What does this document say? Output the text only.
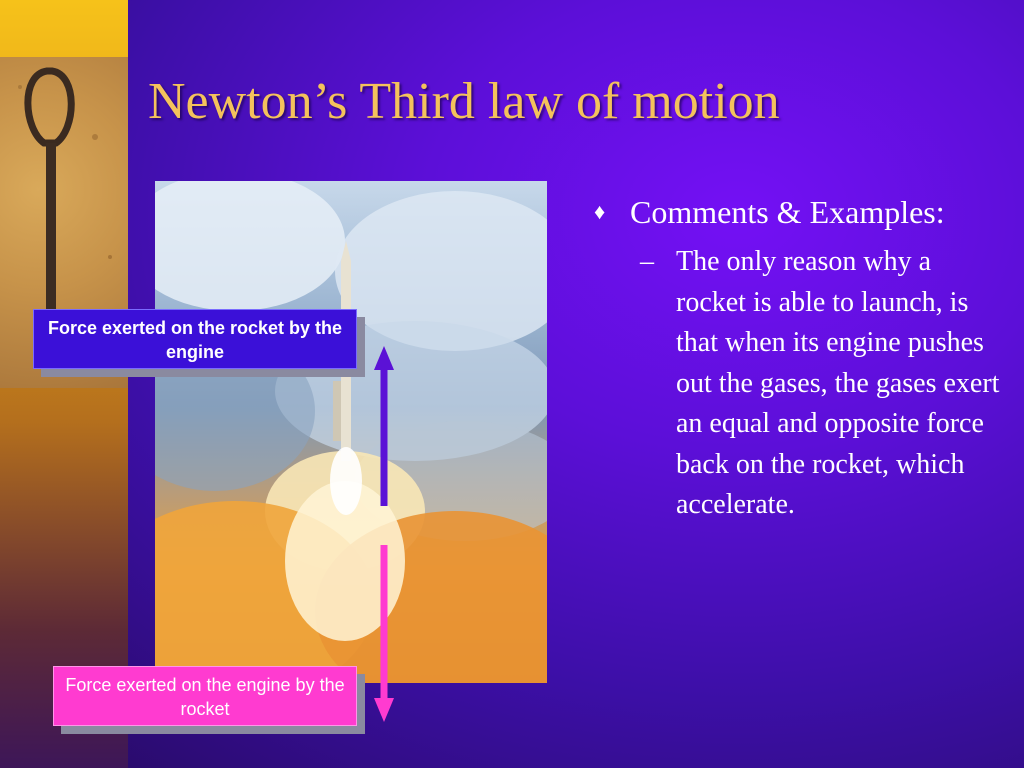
Newton’s Third law of motion
Force exerted on the rocket by the engine
Force exerted on the engine by the rocket
♦ Comments & Examples:
– The only reason why a rocket is able to launch, is that when its engine pushes out the gases, the gases exert an equal and opposite force back on the rocket, which accelerate.
